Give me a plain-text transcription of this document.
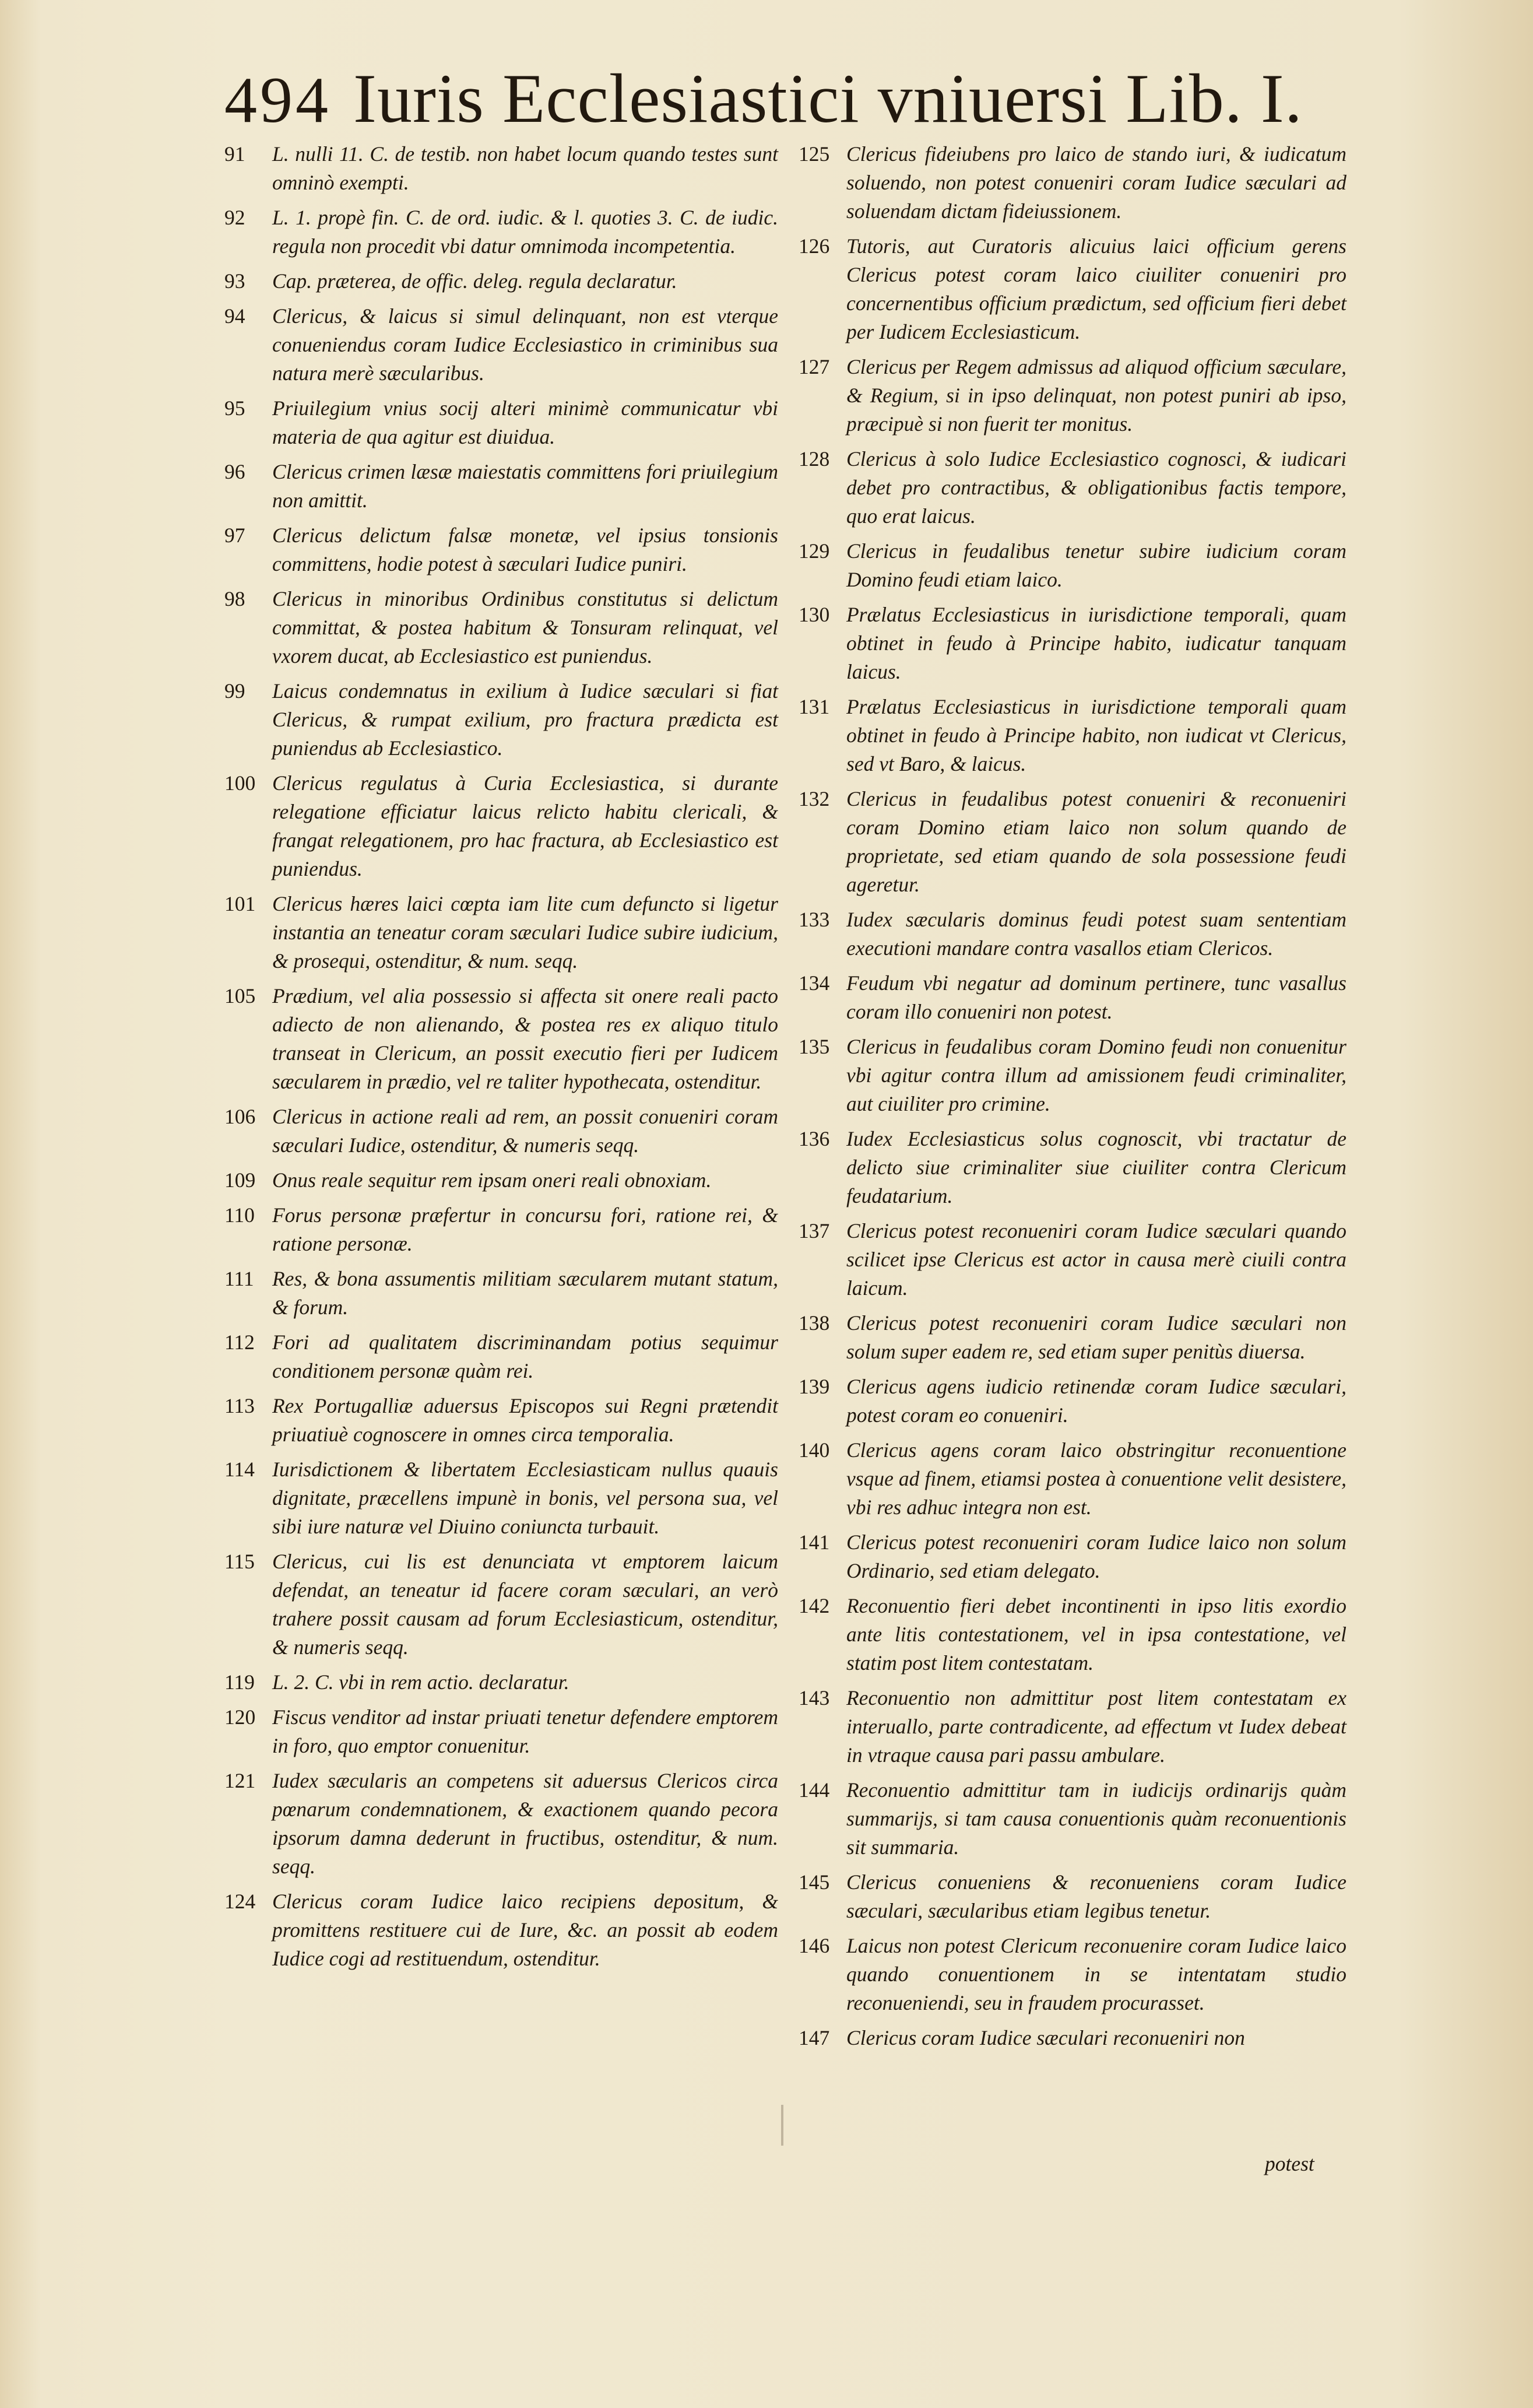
494 Iuris Ecclesiastici vniuersi Lib. I.
91	L. nulli 11. C. de testib. non habet locum quando testes sunt omninò exempti.
92	L. 1. propè fin. C. de ord. iudic. & l. quoties 3. C. de iudic. regula non procedit vbi datur omnimoda incompetentia.
93	Cap. præterea, de offic. deleg. regula declaratur.
94	Clericus, & laicus si simul delinquant, non est vterque conueniendus coram Iudice Ecclesiastico in criminibus sua natura merè sæcularibus.
95	Priuilegium vnius socij alteri minimè communicatur vbi materia de qua agitur est diuidua.
96	Clericus crimen læsæ maiestatis committens fori priuilegium non amittit.
97	Clericus delictum falsæ monetæ, vel ipsius tonsionis committens, hodie potest à sæculari Iudice puniri.
98	Clericus in minoribus Ordinibus constitutus si delictum committat, & postea habitum & Tonsuram relinquat, vel vxorem ducat, ab Ecclesiastico est puniendus.
99	Laicus condemnatus in exilium à Iudice sæculari si fiat Clericus, & rumpat exilium, pro fractura prædicta est puniendus ab Ecclesiastico.
100 Clericus regulatus à Curia Ecclesiastica, si durante relegatione efficiatur laicus relicto habitu clericali, & frangat relegationem, pro hac fractura, ab Ecclesiastico est puniendus.
101 Clericus hæres laici cœpta iam lite cum defuncto si ligetur instantia an teneatur coram sæculari Iudice subire iudicium, & prosequi, ostenditur, & num. seqq.
105 Prædium, vel alia possessio si affecta sit onere reali pacto adiecto de non alienando, & postea res ex aliquo titulo transeat in Clericum, an possit executio fieri per Iudicem sæcularem in prædio, vel re taliter hypothecata, ostenditur.
106 Clericus in actione reali ad rem, an possit conueniri coram sæculari Iudice, ostenditur, & numeris seqq.
109 Onus reale sequitur rem ipsam oneri reali obnoxiam.
110 Forus personæ præfertur in concursu fori, ratione rei, & ratione personæ.
111 Res, & bona assumentis militiam sæcularem mutant statum, & forum.
112 Fori ad qualitatem discriminandam potius sequimur conditionem personæ quàm rei.
113 Rex Portugalliæ aduersus Episcopos sui Regni prætendit priuatiuè cognoscere in omnes circa temporalia.
114 Iurisdictionem & libertatem Ecclesiasticam nullus quauis dignitate, præcellens impunè in bonis, vel persona sua, vel sibi iure naturæ vel Diuino coniuncta turbauit.
115 Clericus, cui lis est denunciata vt emptorem laicum defendat, an teneatur id facere coram sæculari, an verò trahere possit causam ad forum Ecclesiasticum, ostenditur, & numeris seqq.
119 L. 2. C. vbi in rem actio. declaratur.
120 Fiscus venditor ad instar priuati tenetur defendere emptorem in foro, quo emptor conuenitur.
121 Iudex sæcularis an competens sit aduersus Clericos circa pœnarum condemnationem, & exactionem quando pecora ipsorum damna dederunt in fructibus, ostenditur, & num. seqq.
124 Clericus coram Iudice laico recipiens depositum, & promittens restituere cui de Iure, &c. an possit ab eodem Iudice cogi ad restituendum, ostenditur.
125 Clericus fideiubens pro laico de stando iuri, & iudicatum soluendo, non potest conueniri coram Iudice sæculari ad soluendam dictam fideiussionem.
126 Tutoris, aut Curatoris alicuius laici officium gerens Clericus potest coram laico ciuiliter conueniri pro concernentibus officium prædictum, sed officium fieri debet per Iudicem Ecclesiasticum.
127 Clericus per Regem admissus ad aliquod officium sæculare, & Regium, si in ipso delinquat, non potest puniri ab ipso, præcipuè si non fuerit ter monitus.
128 Clericus à solo Iudice Ecclesiastico cognosci, & iudicari debet pro contractibus, & obligationibus factis tempore, quo erat laicus.
129 Clericus in feudalibus tenetur subire iudicium coram Domino feudi etiam laico.
130 Prælatus Ecclesiasticus in iurisdictione temporali, quam obtinet in feudo à Principe habito, iudicatur tanquam laicus.
131 Prælatus Ecclesiasticus in iurisdictione temporali quam obtinet in feudo à Principe habito, non iudicat vt Clericus, sed vt Baro, & laicus.
132 Clericus in feudalibus potest conueniri & reconueniri coram Domino etiam laico non solum quando de proprietate, sed etiam quando de sola possessione feudi ageretur.
133 Iudex sæcularis dominus feudi potest suam sententiam executioni mandare contra vasallos etiam Clericos.
134 Feudum vbi negatur ad dominum pertinere, tunc vasallus coram illo conueniri non potest.
135 Clericus in feudalibus coram Domino feudi non conuenitur vbi agitur contra illum ad amissionem feudi criminaliter, aut ciuiliter pro crimine.
136 Iudex Ecclesiasticus solus cognoscit, vbi tractatur de delicto siue criminaliter siue ciuiliter contra Clericum feudatarium.
137 Clericus potest reconueniri coram Iudice sæculari quando scilicet ipse Clericus est actor in causa merè ciuili contra laicum.
138 Clericus potest reconueniri coram Iudice sæculari non solum super eadem re, sed etiam super penitùs diuersa.
139 Clericus agens iudicio retinendæ coram Iudice sæculari, potest coram eo conueniri.
140 Clericus agens coram laico obstringitur reconuentione vsque ad finem, etiamsi postea à conuentione velit desistere, vbi res adhuc integra non est.
141 Clericus potest reconueniri coram Iudice laico non solum Ordinario, sed etiam delegato.
142 Reconuentio fieri debet incontinenti in ipso litis exordio ante litis contestationem, vel in ipsa contestatione, vel statim post litem contestatam.
143 Reconuentio non admittitur post litem contestatam ex interuallo, parte contradicente, ad effectum vt Iudex debeat in vtraque causa pari passu ambulare.
144 Reconuentio admittitur tam in iudicijs ordinarijs quàm summarijs, si tam causa conuentionis quàm reconuentionis sit summaria.
145 Clericus conueniens & reconueniens coram Iudice sæculari, sæcularibus etiam legibus tenetur.
146 Laicus non potest Clericum reconuenire coram Iudice laico quando conuentionem in se intentatam studio reconueniendi, seu in fraudem procurasset.
147 Clericus coram Iudice sæculari reconueniri non
potest
